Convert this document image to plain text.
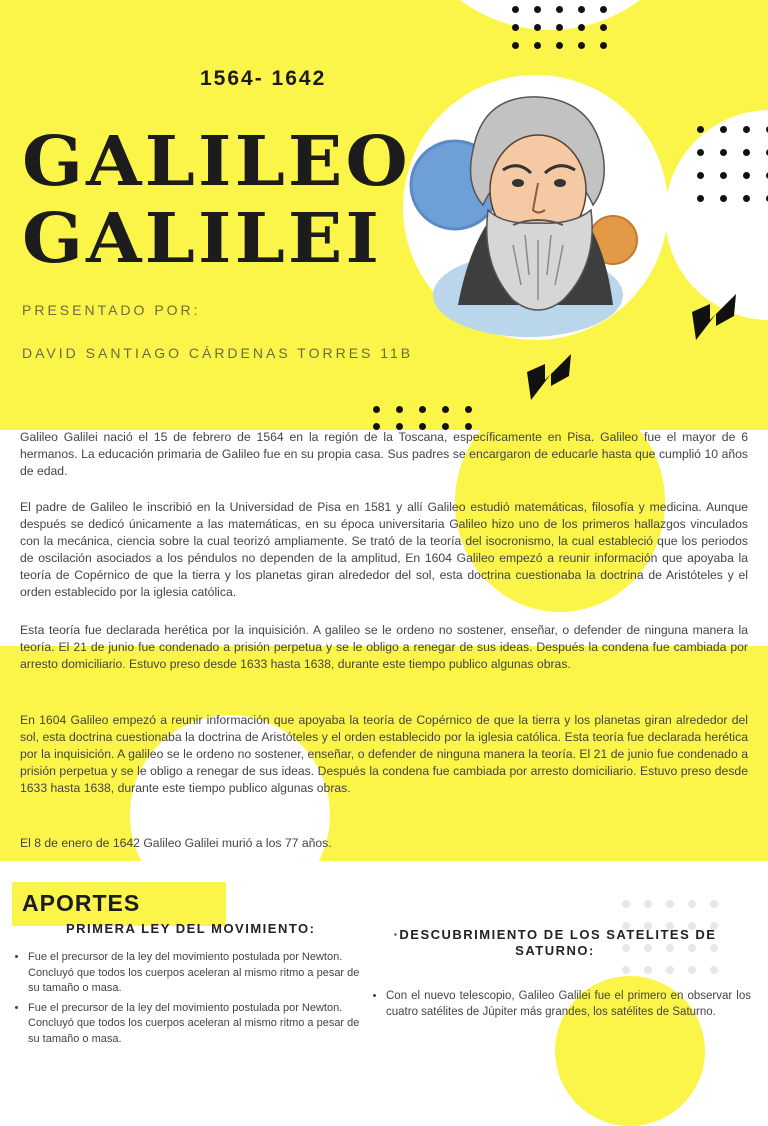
1564- 1642
GALILEO
GALILEI
PRESENTADO POR:
DAVID SANTIAGO CÁRDENAS TORRES 11B

Galileo Galilei nació el 15 de febrero de 1564 en la región de la Toscana, específicamente en Pisa. Galileo fue el mayor de 6 hermanos. La educación primaria de Galileo fue en su propia casa. Sus padres se encargaron de educarle hasta que cumplió 10 años de edad.

El padre de Galileo le inscribió en la Universidad de Pisa en 1581 y allí Galileo estudió matemáticas, filosofía y medicina. Aunque después se dedicó únicamente a las matemáticas, en su época universitaria Galileo hizo uno de los primeros hallazgos vinculados con la mecánica, ciencia sobre la cual teorizó ampliamente. Se trató de la teoría del isocronismo, la cual estableció que los periodos de oscilación asociados a los péndulos no dependen de la amplitud, En 1604 Galileo empezó a reunir información que apoyaba la teoría de Copérnico de que la tierra y los planetas giran alrededor del sol, esta doctrina cuestionaba la doctrina de Aristóteles y el orden establecido por la iglesia católica.

Esta teoría fue declarada herética por la inquisición. A galileo se le ordeno no sostener, enseñar, o defender de ninguna manera la teoría. El 21 de junio fue condenado a prisión perpetua y se le obligo a renegar de sus ideas. Después la condena fue cambiada por arresto domiciliario. Estuvo preso desde 1633 hasta 1638, durante este tiempo publico algunas obras.

En 1604 Galileo empezó a reunir información que apoyaba la teoría de Copérnico de que la tierra y los planetas giran alrededor del sol, esta doctrina cuestionaba la doctrina de Aristóteles y el orden establecido por la iglesia católica. Esta teoría fue declarada herética por la inquisición. A galileo se le ordeno no sostener, enseñar, o defender de ninguna manera la teoría. El 21 de junio fue condenado a prisión perpetua y se le obligo a renegar de sus ideas. Después la condena fue cambiada por arresto domiciliario. Estuvo preso desde 1633 hasta 1638, durante este tiempo publico algunas obras.

El 8 de enero de 1642 Galileo Galilei murió a los 77 años.

APORTES
PRIMERA LEY DEL MOVIMIENTO:
• Fue el precursor de la ley del movimiento postulada por Newton. Concluyó que todos los cuerpos aceleran al mismo ritmo a pesar de su tamaño o masa.
• Fue el precursor de la ley del movimiento postulada por Newton. Concluyó que todos los cuerpos aceleran al mismo ritmo a pesar de su tamaño o masa.
·DESCUBRIMIENTO DE LOS SATELITES DE SATURNO:
• Con el nuevo telescopio, Galileo Galilei fue el primero en observar los cuatro satélites de Júpiter más grandes, los satélites de Saturno.
